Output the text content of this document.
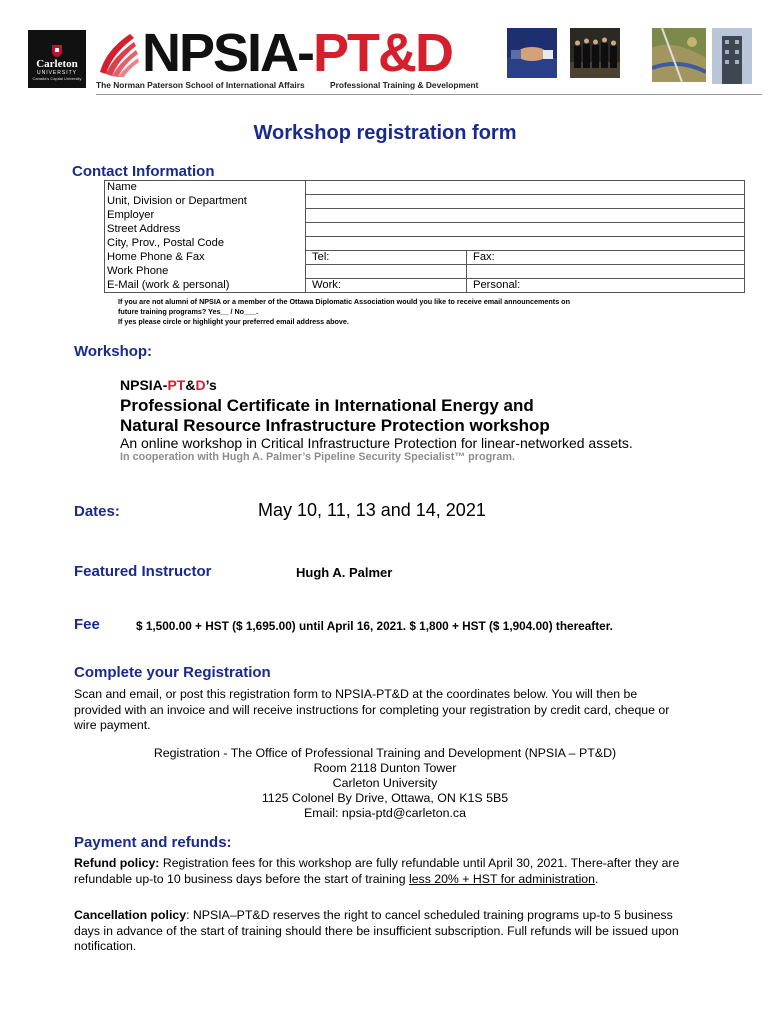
Carleton
UNIVERSITY
Canada's Capital University NPSIA-PT&D
The Norman Paterson School of International Affairs	Professional Training & Development
Workshop registration form
Contact Information
Name		
Unit, Division or Department		
Employer		
Street Address		
City, Prov., Postal Code		
Home Phone & Fax	Tel:	Fax:
Work Phone		
E-Mail (work & personal)	Work:	Personal:
If you are not alumni of NPSIA or a member of the Ottawa Diplomatic Association would you like to receive email announcements on
future training programs? Yes__ / No___.
If yes please circle or highlight your preferred email address above.
Workshop:
NPSIA-PT&D’s
Professional Certificate in International Energy and
Natural Resource Infrastructure Protection workshop
An online workshop in Critical Infrastructure Protection for linear-networked assets.
In cooperation with Hugh A. Palmer’s Pipeline Security Specialist™ program.
Dates:	May 10, 11, 13 and 14, 2021
Featured Instructor	Hugh A. Palmer
Fee	$ 1,500.00 + HST ($ 1,695.00) until April 16, 2021. $ 1,800 + HST ($ 1,904.00) thereafter.
Complete your Registration

Scan and email, or post this registration form to NPSIA-PT&D at the coordinates below. You will then be provided with an invoice and will receive instructions for completing your registration by credit card, cheque or wire payment.

Registration - The Office of Professional Training and Development (NPSIA – PT&D)
Room 2118 Dunton Tower
Carleton University
1125 Colonel By Drive, Ottawa, ON K1S 5B5
Email: npsia-ptd@carleton.ca
Payment and refunds:

Refund policy: Registration fees for this workshop are fully refundable until April 30, 2021. There-after they are refundable up-to 10 business days before the start of training less 20% + HST for administration.

Cancellation policy: NPSIA–PT&D reserves the right to cancel scheduled training programs up-to 5 business days in advance of the start of training should there be insufficient subscription. Full refunds will be issued upon notification.
